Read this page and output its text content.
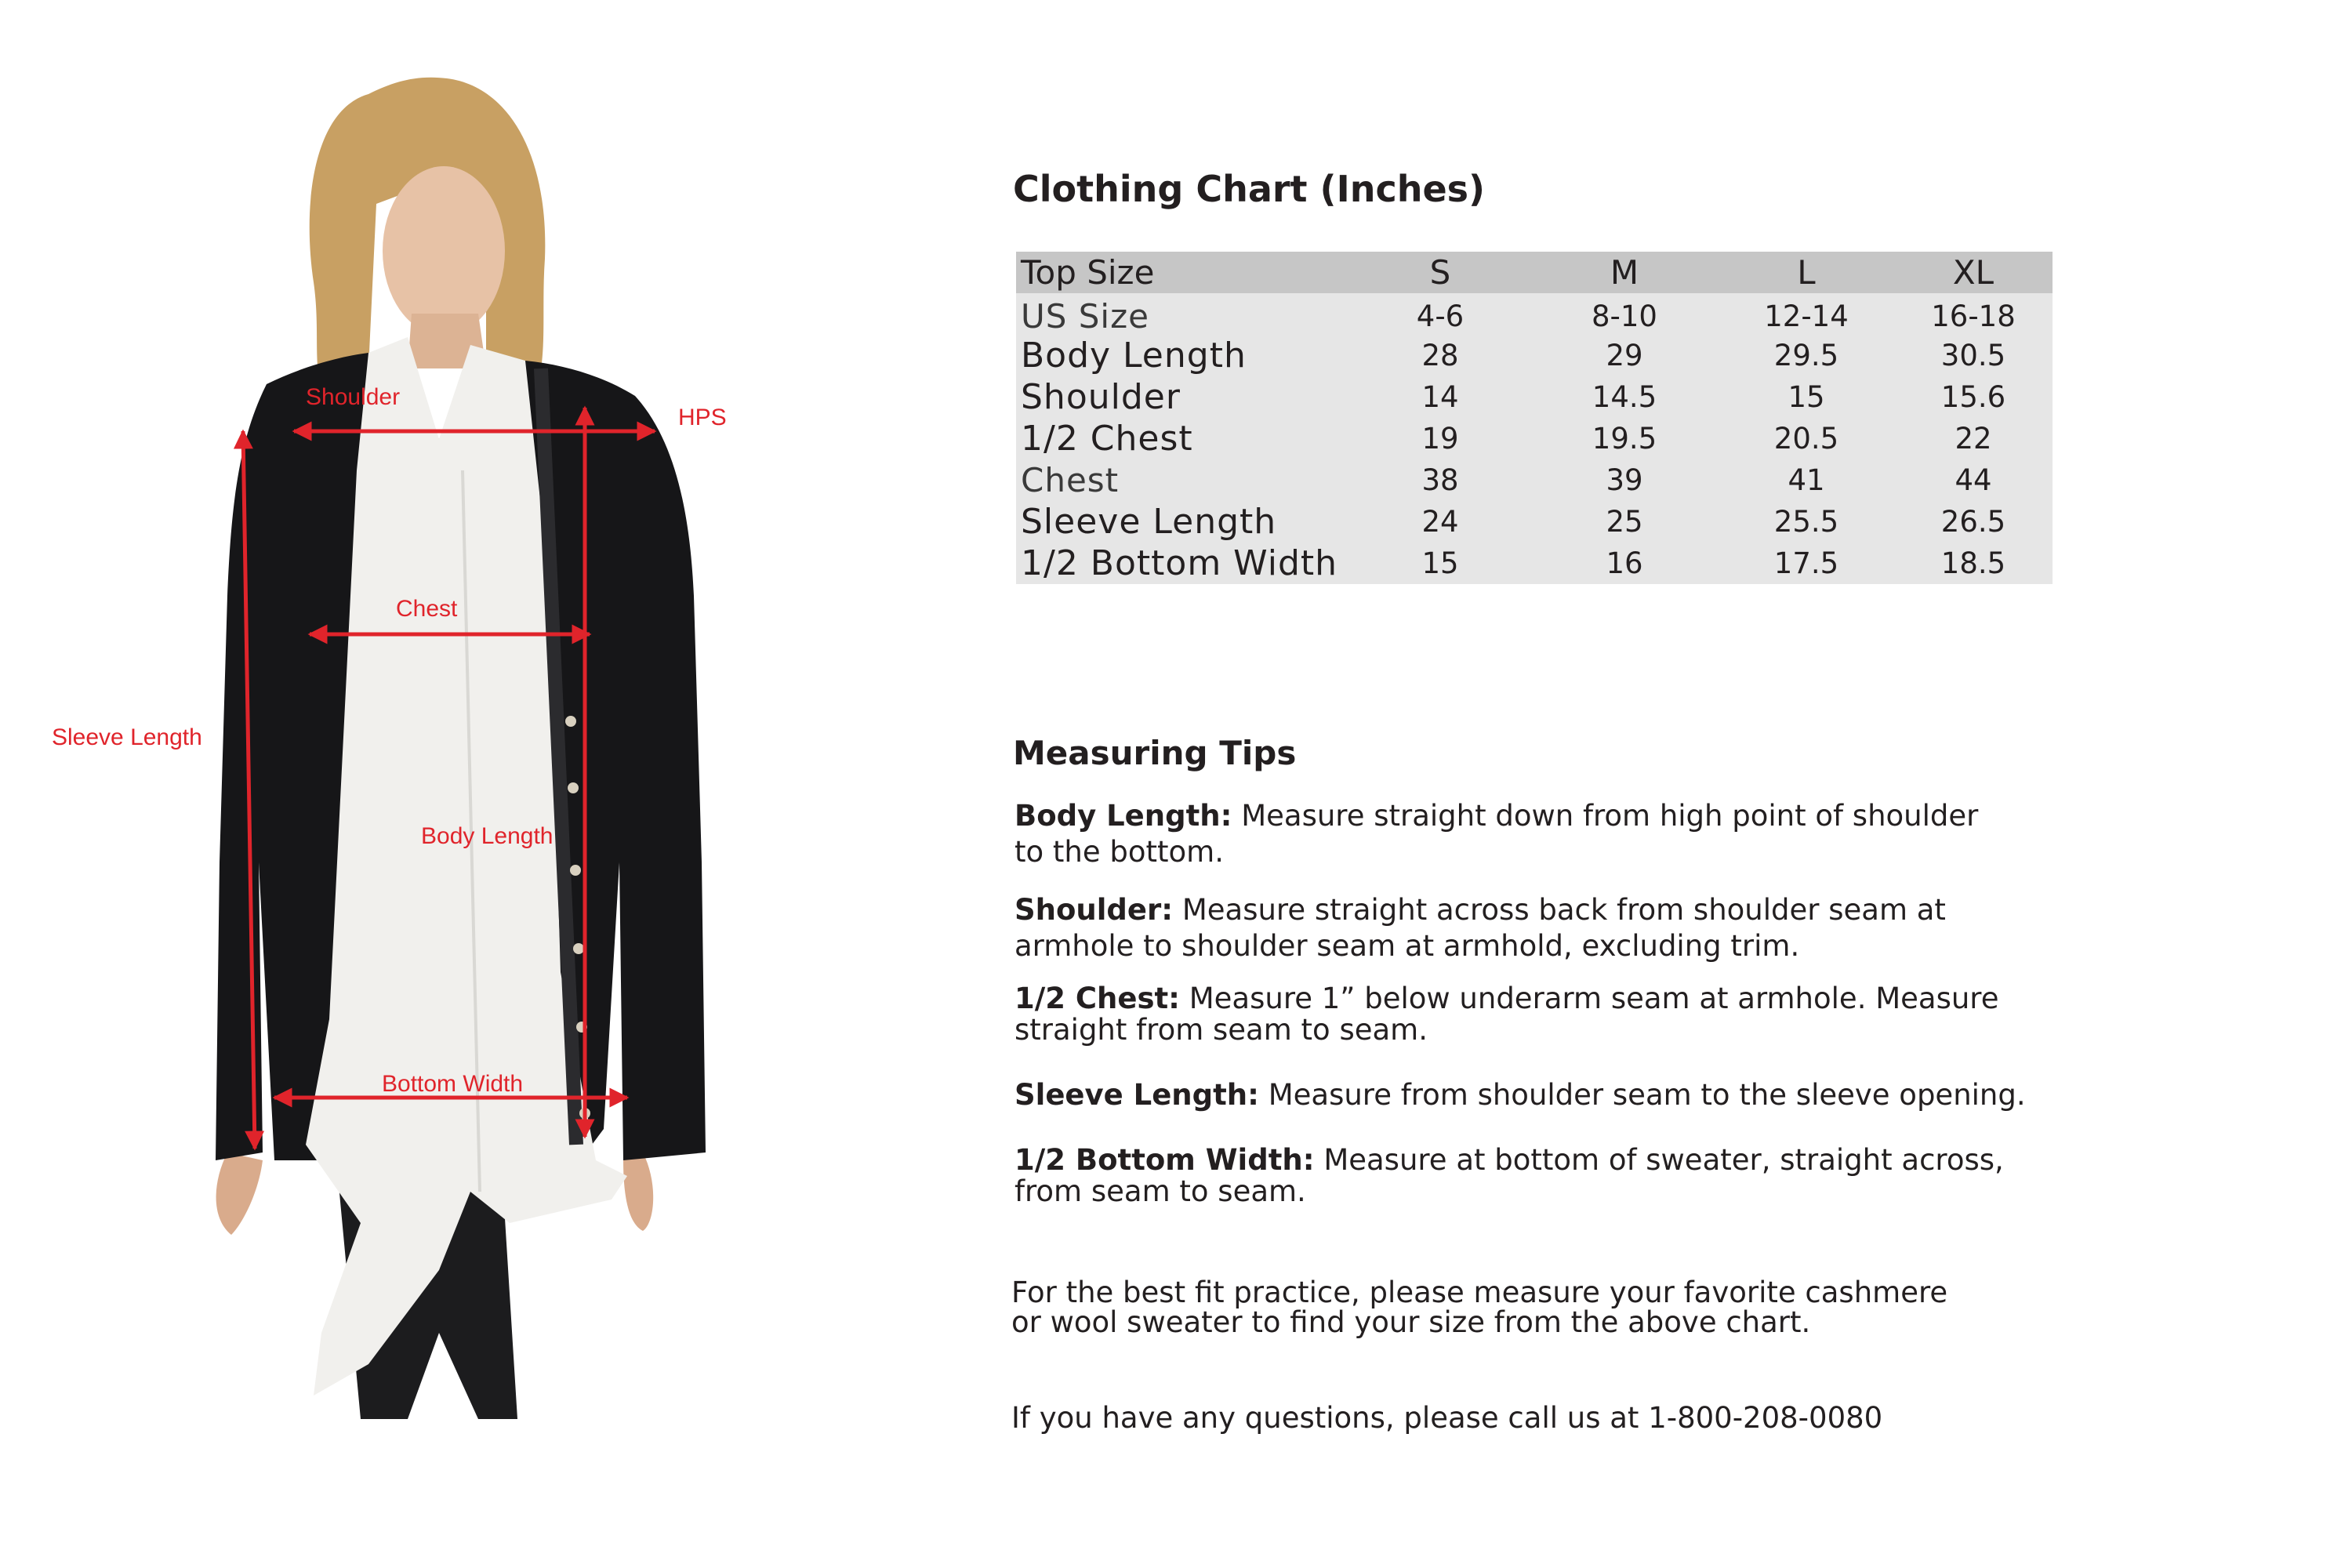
Shoulder
HPS
Chest
Sleeve Length
Body Length
Bottom Width
Clothing Chart (Inches)
Top Size	S	M	L	XL
US Size	4-6	8-10	12-14	16-18
Body Length	28	29	29.5	30.5
Shoulder	14	14.5	15	15.6
1/2 Chest	19	19.5	20.5	22
Chest	38	39	41	44
Sleeve Length	24	25	25.5	26.5
1/2 Bottom Width	15	16	17.5	18.5
Measuring Tips
Body Length: Measure straight down from high point of shoulder
to the bottom.
Shoulder: Measure straight across back from shoulder seam at
armhole to shoulder seam at armhold, excluding trim.
1/2 Chest: Measure 1” below underarm seam at armhole. Measure
straight from seam to seam.
Sleeve Length: Measure from shoulder seam to the sleeve opening.
1/2 Bottom Width: Measure at bottom of sweater, straight across,
from seam to seam.
For the best fit practice, please measure your favorite cashmere
or wool sweater to find your size from the above chart.
If you have any questions, please call us at 1-800-208-0080
